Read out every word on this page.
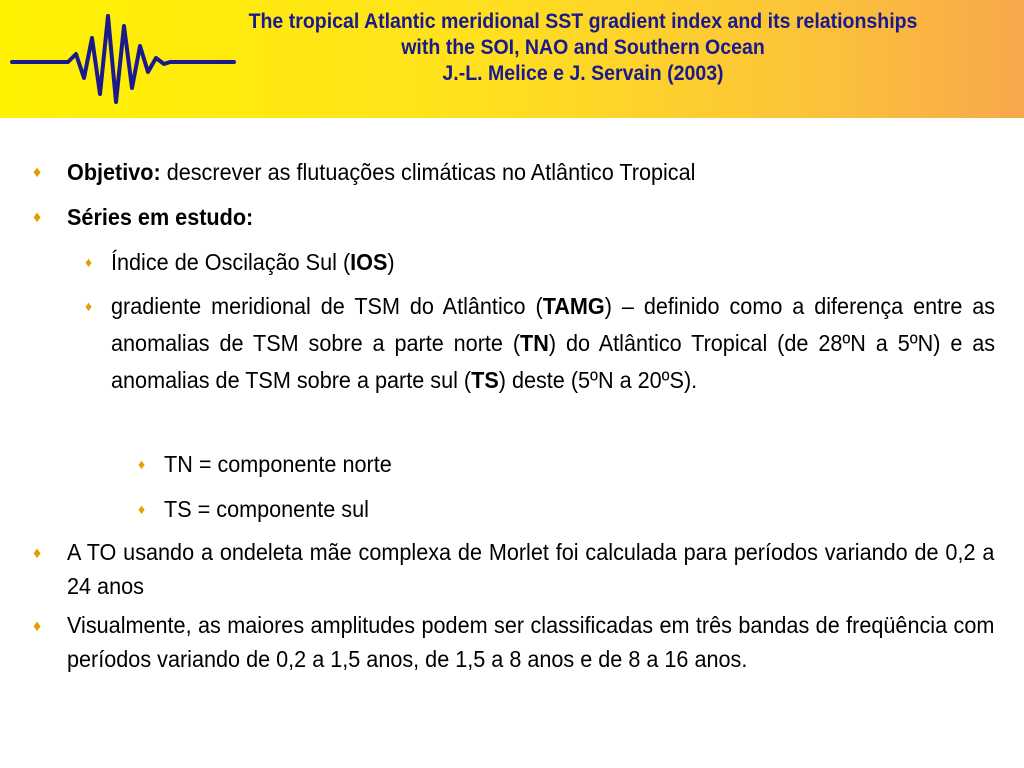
The tropical Atlantic meridional SST gradient index and its relationships
with the SOI, NAO and Southern Ocean
J.-L. Melice e J. Servain (2003)
♦ Objetivo: descrever as flutuações climáticas no Atlântico Tropical
♦ Séries em estudo:
♦ Índice de Oscilação Sul (IOS)
♦ gradiente meridional de TSM do Atlântico (TAMG) – definido como a diferença entre as anomalias de TSM sobre a parte norte (TN) do Atlântico Tropical (de 28ºN a 5ºN) e as anomalias de TSM sobre a parte sul (TS) deste (5ºN a 20ºS).
♦ TN = componente norte
♦ TS = componente sul
♦ A TO usando a ondeleta mãe complexa de Morlet foi calculada para períodos variando de 0,2 a 24 anos
♦ Visualmente, as maiores amplitudes podem ser classificadas em três bandas de freqüência com períodos variando de 0,2 a 1,5 anos, de 1,5 a 8 anos e de 8 a 16 anos.
